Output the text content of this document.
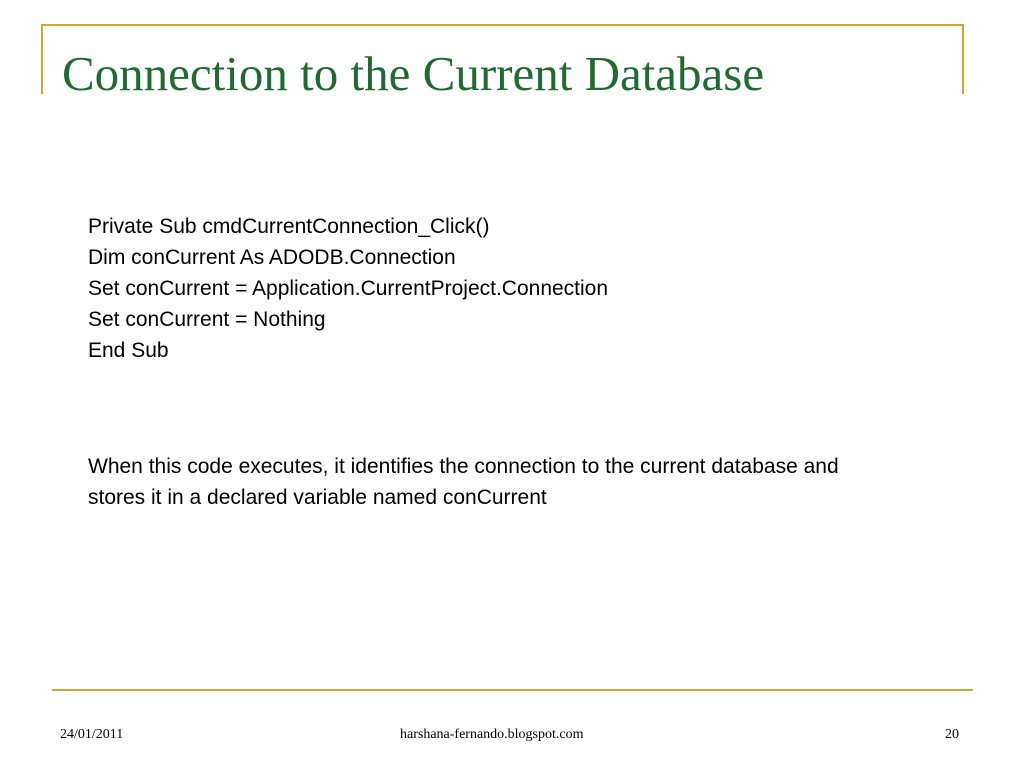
Connection to the Current Database
Private Sub cmdCurrentConnection_Click()
Dim conCurrent As ADODB.Connection
Set conCurrent = Application.CurrentProject.Connection
Set conCurrent = Nothing
End Sub

When this code executes, it identifies the connection to the current database and stores it in a declared variable named conCurrent

24/01/2011	harshana-fernando.blogspot.com	20
